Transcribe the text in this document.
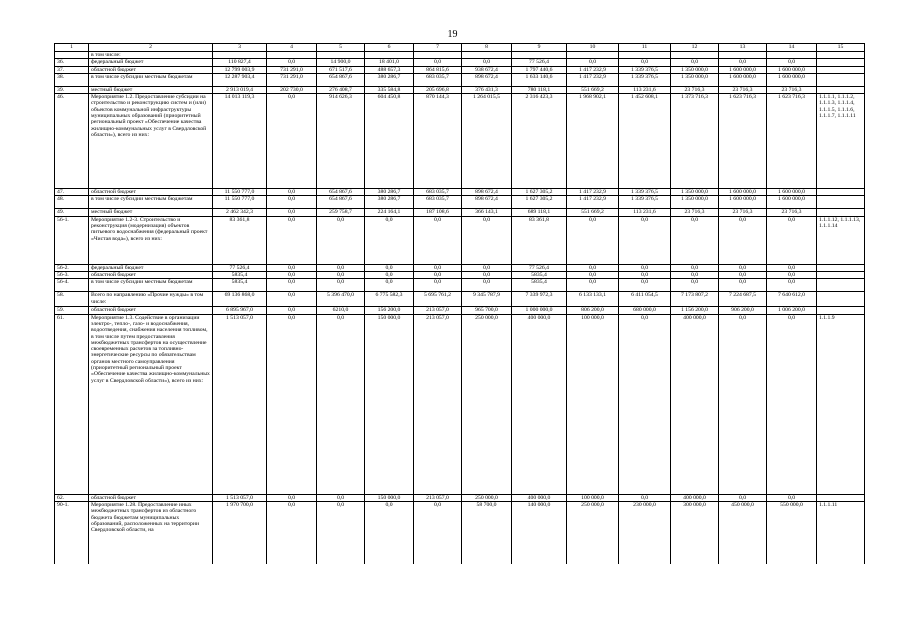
19
1	2	3	4	5	6	7	8	9	10	11	12	13	14	15
	в том числе:													
36.	федеральный бюджет	110 827,4	0,0	14 900,0	18 401,0	0,0	0,0	77 526,4	0,0	0,0	0,0	0,0	0,0	
37.	областной бюджет	12 799 003,9	731 291,0	671 517,6	488 657,3	864 815,6	938 672,4	1 797 440,6	1 417 232,9	1 339 376,5	1 350 000,0	1 600 000,0	1 600 000,0	
38.	в том числе субсидии местным бюджетам	12 287 903,4	731 291,0	654 867,6	380 286,7	683 035,7	898 672,4	1 633 140,6	1 417 232,9	1 339 376,5	1 350 000,0	1 600 000,0	1 600 000,0	
39.	местный бюджет	2 913 019,4	202 730,0	276 408,7	335 584,8	205 696,8	376 431,3	780 118,1	551 669,2	113 231,6	23 716,3	23 716,3	23 716,3	
46.	Мероприятие 1.2. Предоставление субсидии на строительство и реконструкцию систем и (или) объектов коммунальной инфраструктуры муниципальных образований (приоритетный региональный проект «Обеспечение качества жилищно-коммунальных услуг в Свердловской области»), всего из них:	14 013 119,3	0,0	914 626,3	604 450,8	870 144,3	1 264 015,5	2 316 423,3	1 968 902,1	1 452 608,1	1 373 716,3	1 623 716,3	1 623 716,3	1.1.1.1, 1.1.1.2, 1.1.1.3, 1.1.1.4, 1.1.1.5, 1.1.1.6, 1.1.1.7, 1.1.1.11
47.	областной бюджет	11 550 777,0	0,0	654 867,6	380 286,7	683 035,7	898 672,4	1 627 305,2	1 417 232,9	1 339 376,5	1 350 000,0	1 600 000,0	1 600 000,0	
48.	в том числе субсидии местным бюджетам	11 550 777,0	0,0	654 867,6	380 286,7	683 035,7	898 672,4	1 627 305,2	1 417 232,9	1 339 376,5	1 350 000,0	1 600 000,0	1 600 000,0	
49.	местный бюджет	2 462 342,3	0,0	259 758,7	224 164,1	187 108,6	366 143,1	689 118,1	551 669,2	113 231,6	23 716,3	23 716,3	23 716,3	
56-1.	Мероприятие 1.2-3. Строительство и реконструкция (модернизация) объектов питьевого водоснабжения (федеральный проект «Чистая вода»), всего из них:	83 361,8	0,0	0,0	0,0	0,0	0,0	83 361,8	0,0	0,0	0,0	0,0	0,0	1.1.1.12, 1.1.1.13, 1.1.1.14
56-2.	федеральный бюджет	77 526,4	0,0	0,0	0,0	0,0	0,0	77 526,4	0,0	0,0	0,0	0,0	0,0	
56-3.	областной бюджет	5835,4	0,0	0,0	0,0	0,0	0,0	5835,4	0,0	0,0	0,0	0,0	0,0	
56-4.	в том числе субсидии местным бюджетам	5835,4	0,0	0,0	0,0	0,0	0,0	5835,4	0,0	0,0	0,0	0,0	0,0	
58.	Всего по направлению «Прочие нужды» в том числе:	69 136 868,0	0,0	5 396 470,0	6 775 582,3	5 695 761,2	9 345 787,9	7 339 972,3	6 133 133,1	6 411 054,5	7 173 807,2	7 224 687,5	7 640 612,0	
59.	областной бюджет	6 895 967,0	0,0	6210,0	156 200,0	213 057,0	965 700,0	1 000 000,0	806 200,0	680 000,0	1 156 200,0	906 200,0	1 006 200,0	
61.	Мероприятие 1.3. Содействие в организации электро-, тепло-, газо- и водоснабжения, водоотведения, снабжения населения топливом, в том числе путем предоставления межбюджетных трансфертов на осуществление своевременных расчетов за топливно-энергетические ресурсы по обязательствам органов местного самоуправления (приоритетный региональный проект «Обеспечение качества жилищно-коммунальных услуг в Свердловской области»), всего из них:	1 513 057,0	0,0	0,0	150 000,0	213 057,0	250 000,0	400 000,0	100 000,0	0,0	400 000,0	0,0	0,0	1.1.1.9
62.	областной бюджет	1 513 057,0	0,0	0,0	150 000,0	213 057,0	250 000,0	400 000,0	100 000,0	0,0	400 000,0	0,0	0,0	
90-1.	Мероприятие 1.28. Предоставление иных межбюджетных трансфертов из областного бюджета бюджетам муниципальных образований, расположенных на территории Свердловской области, на	1 970 700,0	0,0	0,0	0,0	0,0	58 700,0	140 000,0	250 000,0	230 000,0	300 000,0	450 000,0	550 000,0	1.1.1.11
